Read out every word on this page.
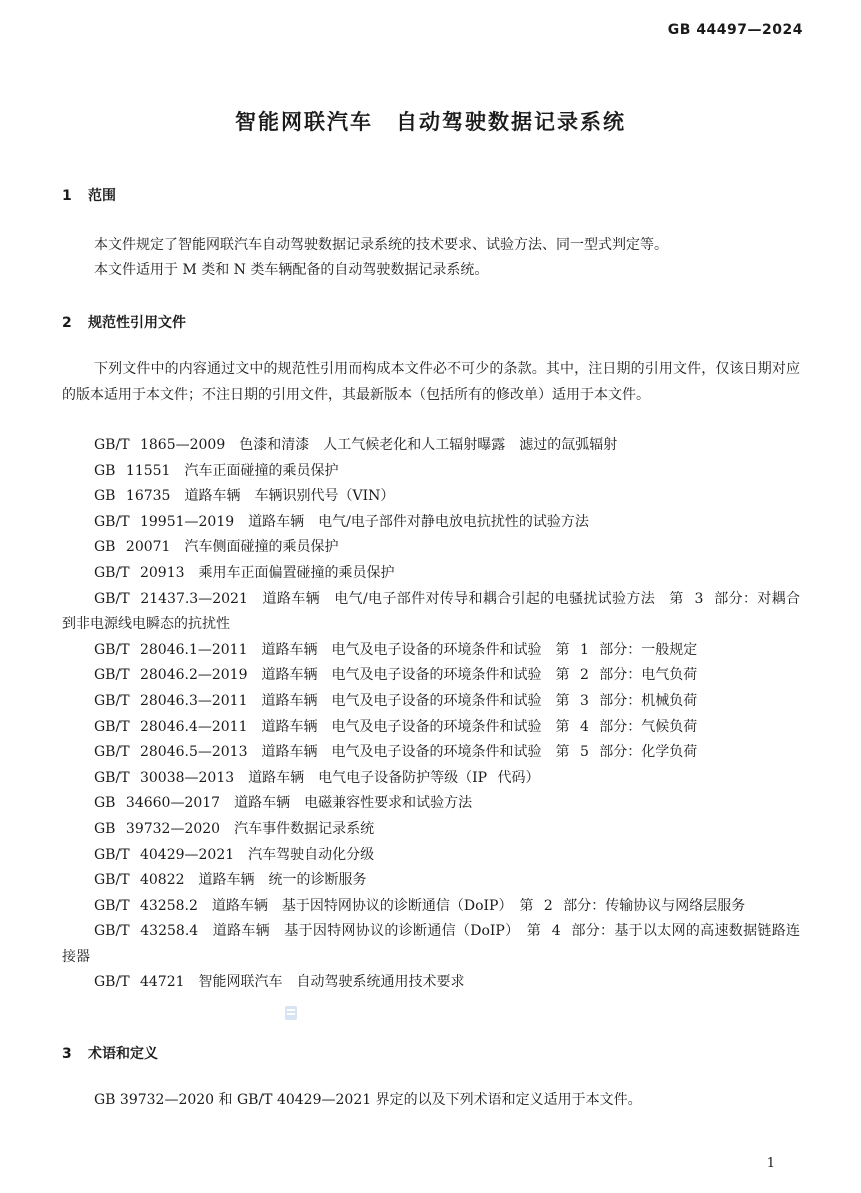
GB 44497—2024
智能网联汽车　自动驾驶数据记录系统
1 范围
本文件规定了智能网联汽车自动驾驶数据记录系统的技术要求、试验方法、同一型式判定等。
本文件适用于 M 类和 N 类车辆配备的自动驾驶数据记录系统。
2 规范性引用文件
下列文件中的内容通过文中的规范性引用而构成本文件必不可少的条款。其中，注日期的引用文件，仅该日期对应的版本适用于本文件；不注日期的引用文件，其最新版本（包括所有的修改单）适用于本文件。
GB/T 1865—2009　色漆和清漆　人工气候老化和人工辐射曝露　滤过的氙弧辐射
GB 11551　汽车正面碰撞的乘员保护
GB 16735　道路车辆　车辆识别代号（VIN）
GB/T 19951—2019　道路车辆　电气/电子部件对静电放电抗扰性的试验方法
GB 20071　汽车侧面碰撞的乘员保护
GB/T 20913　乘用车正面偏置碰撞的乘员保护
GB/T 21437.3—2021　道路车辆　电气/电子部件对传导和耦合引起的电骚扰试验方法　第 3 部分：对耦合到非电源线电瞬态的抗扰性
GB/T 28046.1—2011　道路车辆　电气及电子设备的环境条件和试验　第 1 部分：一般规定
GB/T 28046.2—2019　道路车辆　电气及电子设备的环境条件和试验　第 2 部分：电气负荷
GB/T 28046.3—2011　道路车辆　电气及电子设备的环境条件和试验　第 3 部分：机械负荷
GB/T 28046.4—2011　道路车辆　电气及电子设备的环境条件和试验　第 4 部分：气候负荷
GB/T 28046.5—2013　道路车辆　电气及电子设备的环境条件和试验　第 5 部分：化学负荷
GB/T 30038—2013　道路车辆　电气电子设备防护等级（IP 代码）
GB 34660—2017　道路车辆　电磁兼容性要求和试验方法
GB 39732—2020　汽车事件数据记录系统
GB/T 40429—2021　汽车驾驶自动化分级
GB/T 40822　道路车辆　统一的诊断服务
GB/T 43258.2　道路车辆　基于因特网协议的诊断通信（DoIP）　第 2 部分：传输协议与网络层服务
GB/T 43258.4　道路车辆　基于因特网协议的诊断通信（DoIP）　第 4 部分：基于以太网的高速数据链路连接器
GB/T 44721　智能网联汽车　自动驾驶系统通用技术要求
3 术语和定义
GB 39732—2020 和 GB/T 40429—2021 界定的以及下列术语和定义适用于本文件。
1
